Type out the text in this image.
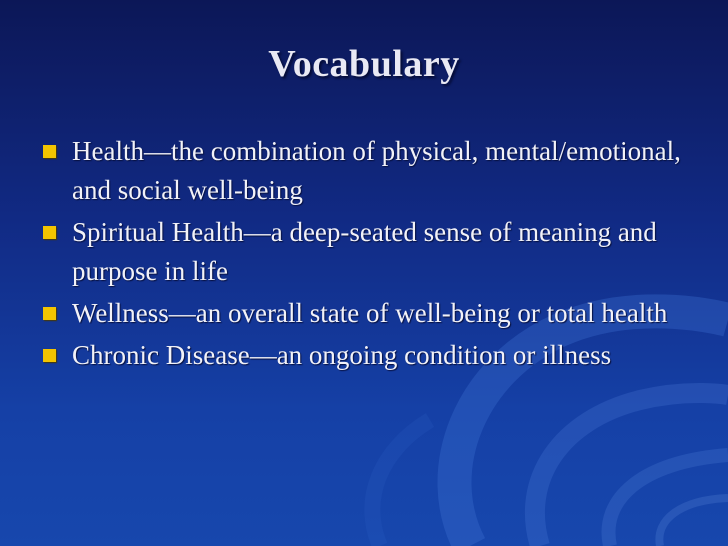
Vocabulary
Health—the combination of physical, mental/emotional, and social well-being
Spiritual Health—a deep-seated sense of meaning and purpose in life
Wellness—an overall state of well-being or total health
Chronic Disease—an ongoing condition or illness
